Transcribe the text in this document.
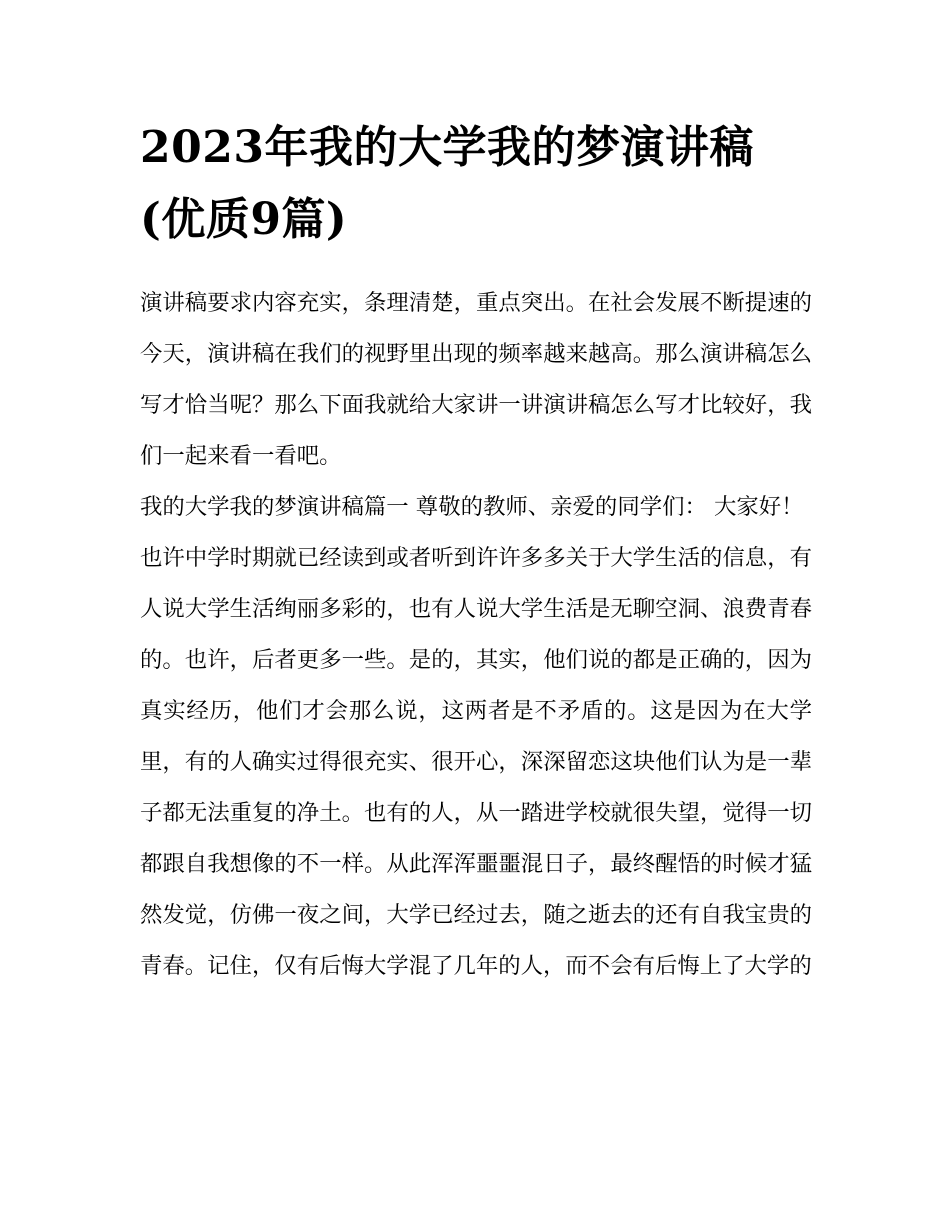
2023年我的大学我的梦演讲稿(优质9篇)

演讲稿要求内容充实，条理清楚，重点突出。在社会发展不断提速的今天，演讲稿在我们的视野里出现的频率越来越高。那么演讲稿怎么写才恰当呢？那么下面我就给大家讲一讲演讲稿怎么写才比较好，我们一起来看一看吧。

我的大学我的梦演讲稿篇一 尊敬的教师、亲爱的同学们： 大家好！

也许中学时期就已经读到或者听到许许多多关于大学生活的信息，有人说大学生活绚丽多彩的，也有人说大学生活是无聊空洞、浪费青春的。也许，后者更多一些。是的，其实，他们说的都是正确的，因为真实经历，他们才会那么说，这两者是不矛盾的。这是因为在大学里，有的人确实过得很充实、很开心，深深留恋这块他们认为是一辈子都无法重复的净土。也有的人，从一踏进学校就很失望，觉得一切都跟自我想像的不一样。从此浑浑噩噩混日子，最终醒悟的时候才猛然发觉，仿佛一夜之间，大学已经过去，随之逝去的还有自我宝贵的青春。记住，仅有后悔大学混了几年的人，而不会有后悔上了大学的
